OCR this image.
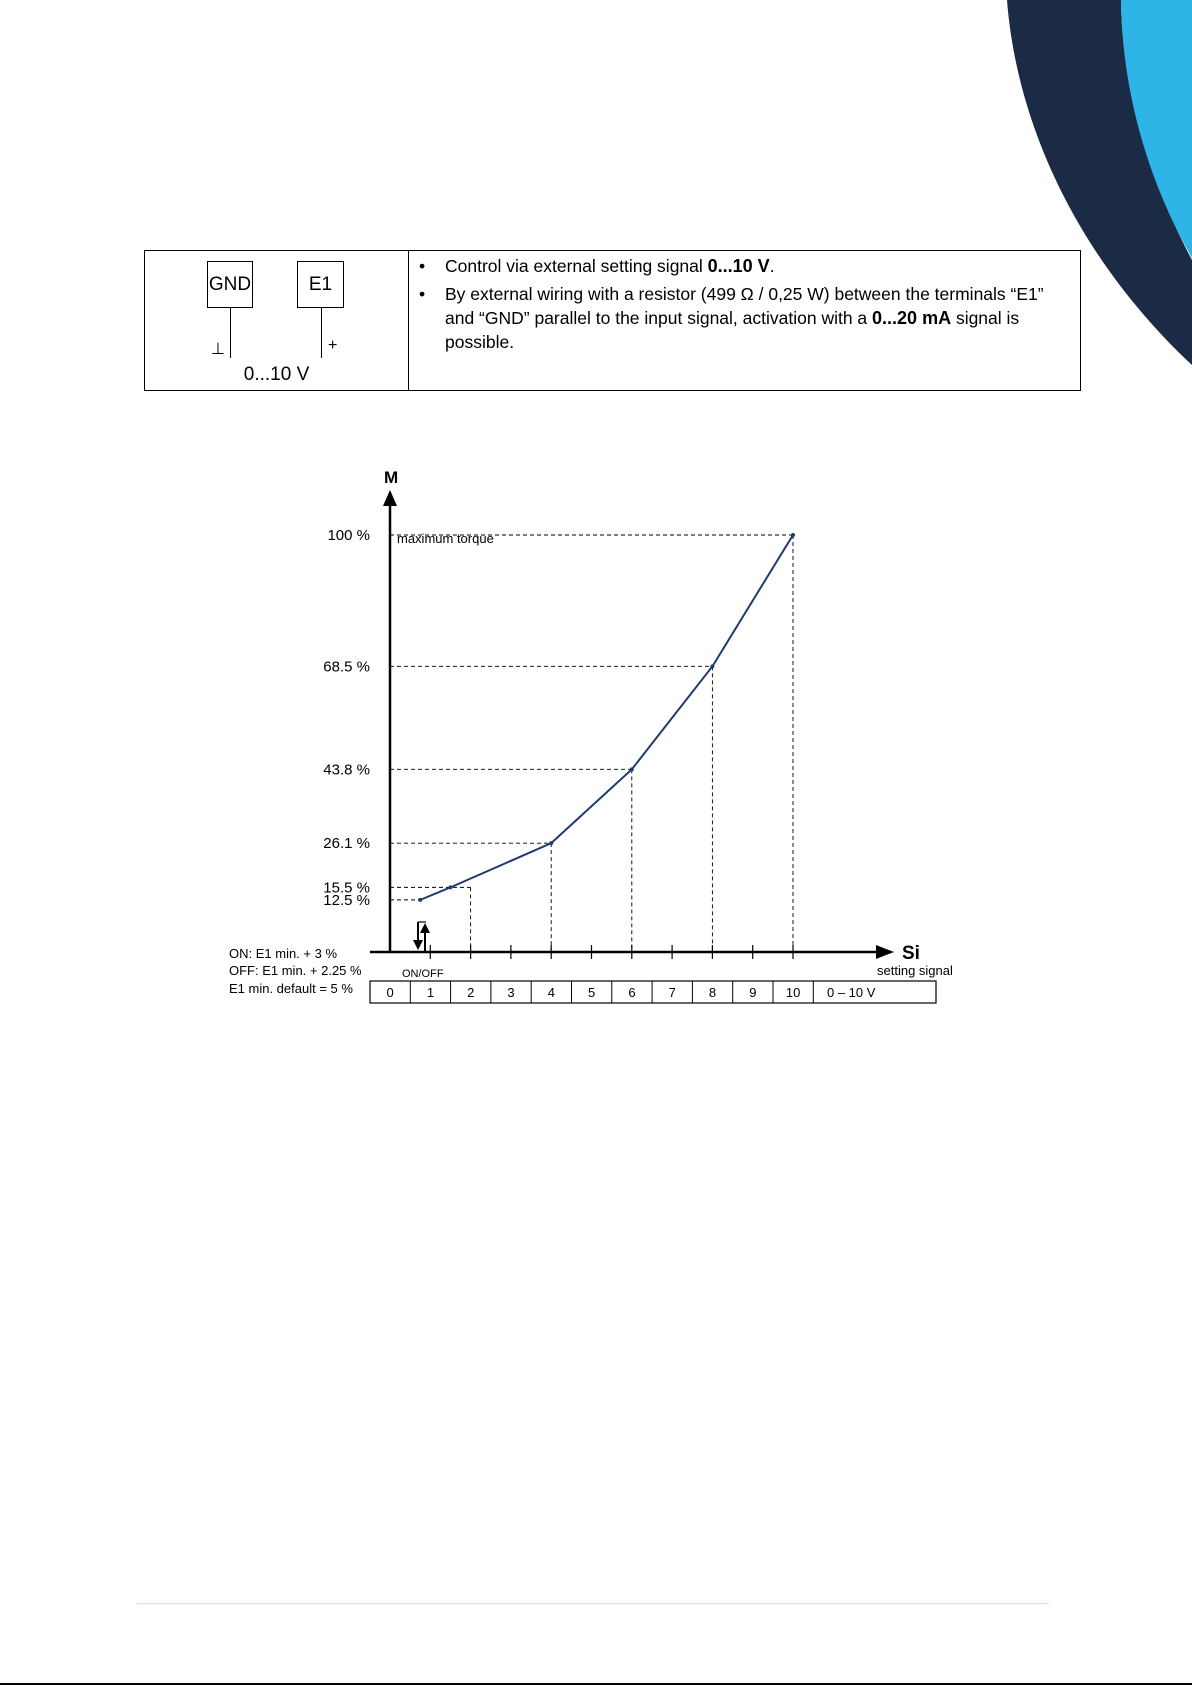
GND	E1
⊥	+
0...10 V
• Control via external setting signal 0...10 V.
• By external wiring with a resistor (499 Ω / 0,25 W) between the terminals “E1” and “GND” parallel to the input signal, activation with a 0...20 mA signal is possible.
M
Si
setting signal
maximum torque
100 %
68.5 %
43.8 %
26.1 %
15.5 %
12.5 %
0	1	2	3	4	5	6	7	8	9 10 0 – 10 V
ON/OFF
ON: E1 min. + 3 %
OFF: E1 min. + 2.25 %
E1 min. default = 5 %
